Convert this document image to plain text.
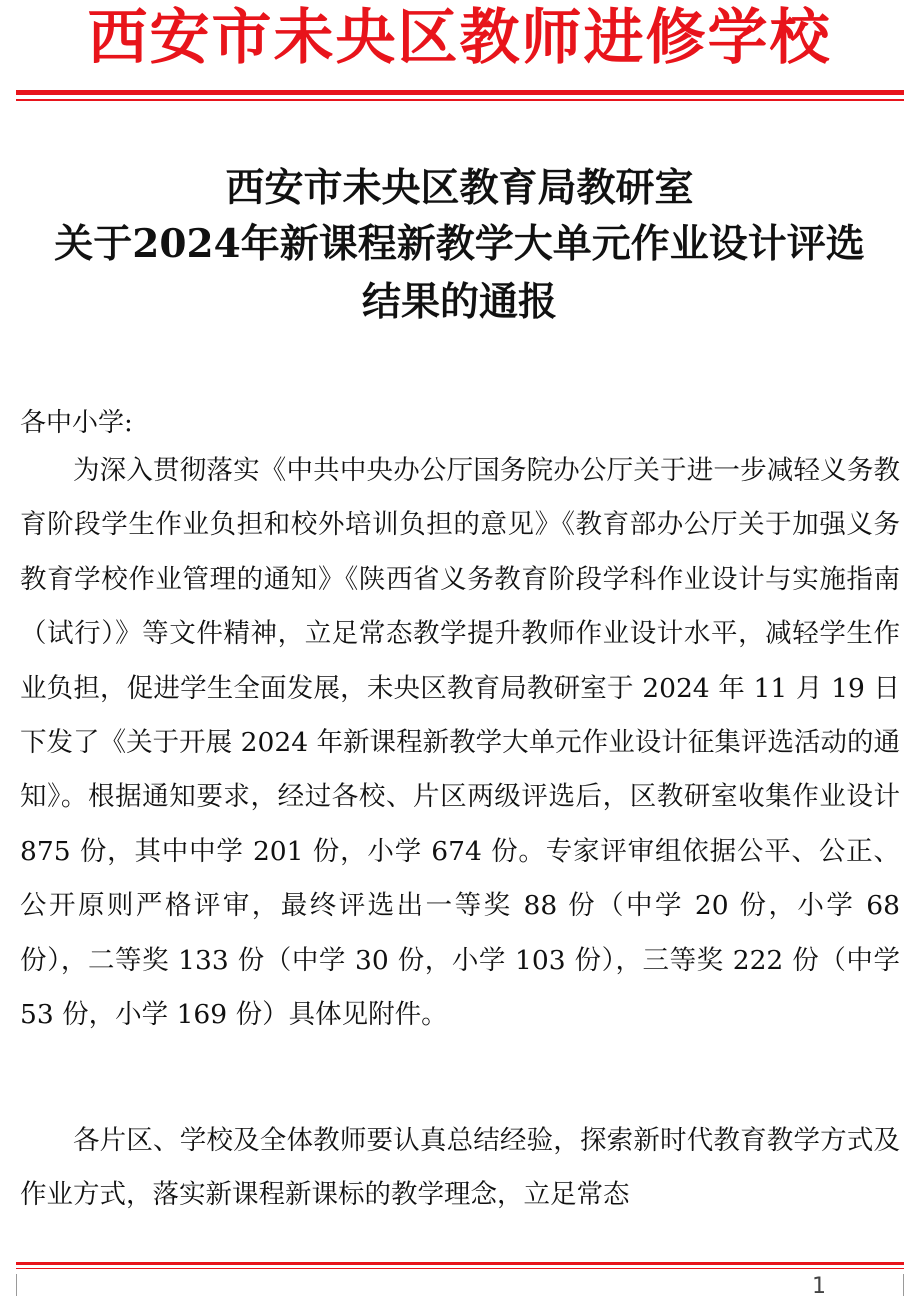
西安市未央区教师进修学校
西安市未央区教育局教研室
关于2024年新课程新教学大单元作业设计评选
结果的通报
各中小学:

为深入贯彻落实《中共中央办公厅国务院办公厅关于进一步减轻义务教育阶段学生作业负担和校外培训负担的意见》《教育部办公厅关于加强义务教育学校作业管理的通知》《陕西省义务教育阶段学科作业设计与实施指南（试行）》等文件精神，立足常态教学提升教师作业设计水平，减轻学生作业负担，促进学生全面发展，未央区教育局教研室于 2024 年 11 月 19 日下发了《关于开展 2024 年新课程新教学大单元作业设计征集评选活动的通知》。根据通知要求，经过各校、片区两级评选后，区教研室收集作业设计 875 份，其中中学 201 份，小学 674 份。专家评审组依据公平、公正、公开原则严格评审，最终评选出一等奖 88 份（中学 20 份，小学 68 份），二等奖 133 份（中学 30 份，小学 103 份），三等奖 222 份（中学 53 份，小学 169 份）具体见附件。

各片区、学校及全体教师要认真总结经验，探索新时代教育教学方式及作业方式，落实新课程新课标的教学理念，立足常态

1
